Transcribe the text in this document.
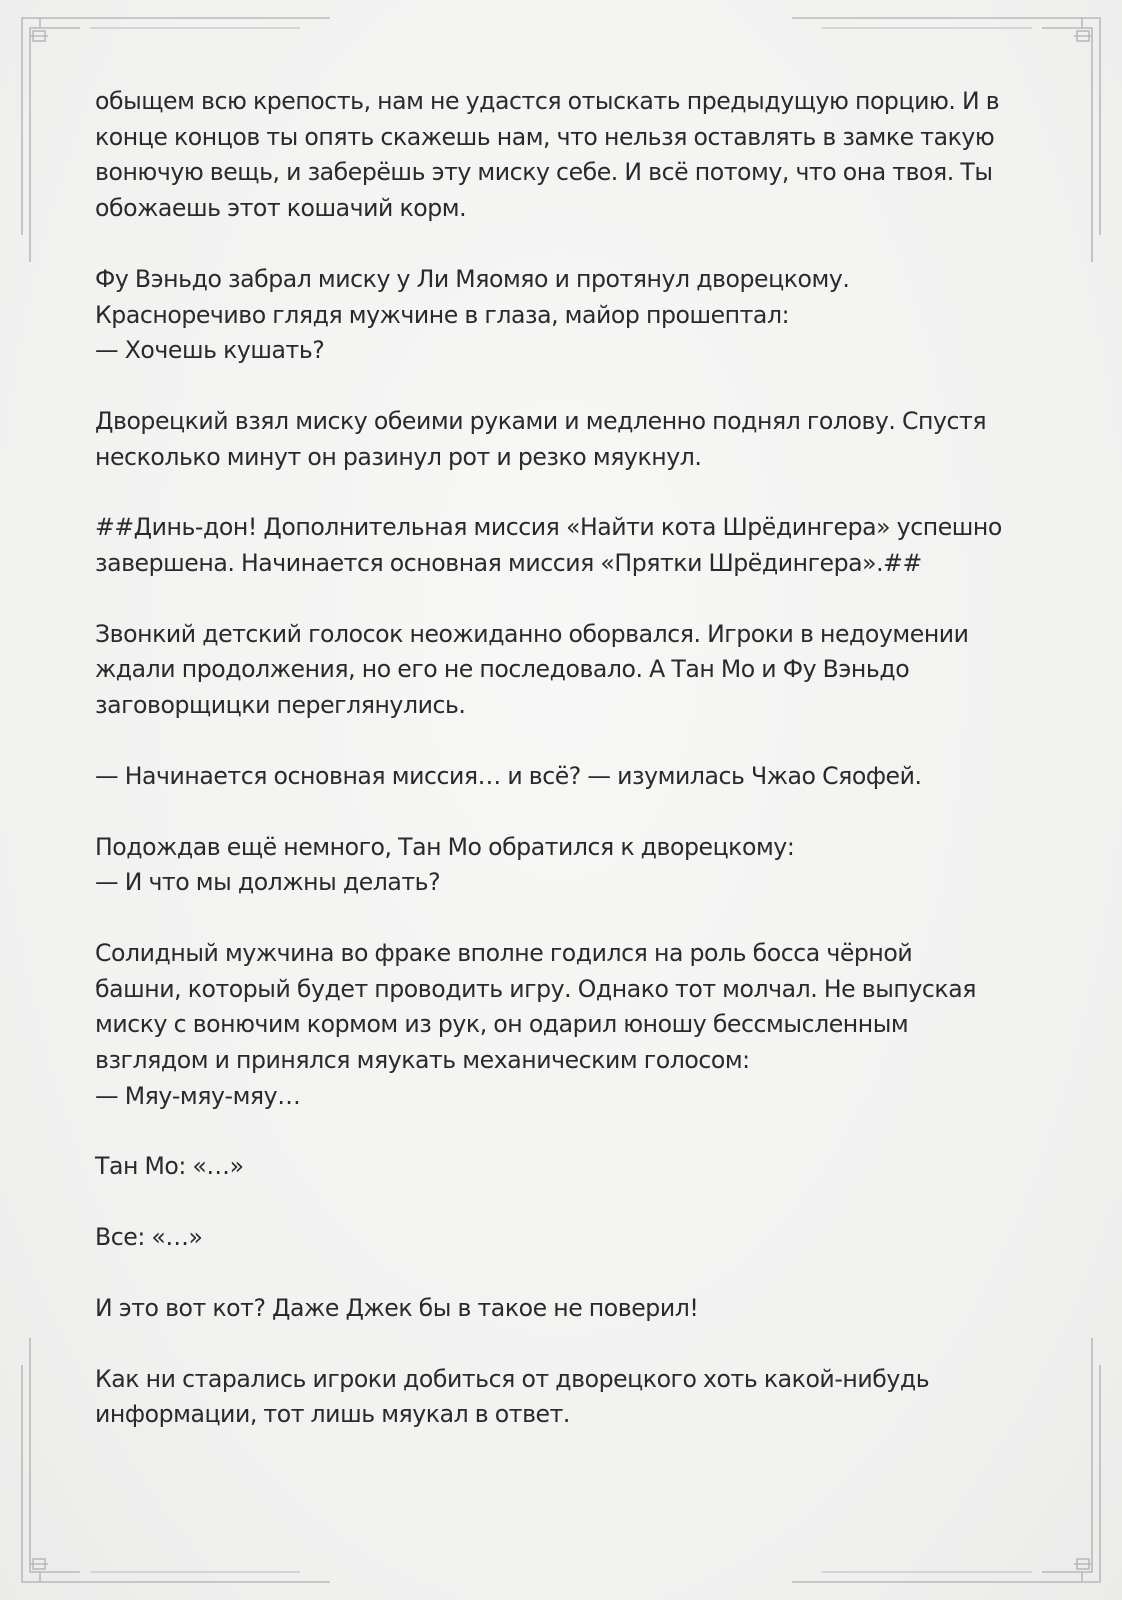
обыщем всю крепость, нам не удастся отыскать предыдущую порцию. И в
конце концов ты опять скажешь нам, что нельзя оставлять в замке такую
вонючую вещь, и заберёшь эту миску себе. И всё потому, что она твоя. Ты
обожаешь этот кошачий корм.

Фу Вэньдо забрал миску у Ли Мяомяо и протянул дворецкому.
Красноречиво глядя мужчине в глаза, майор прошептал:
— Хочешь кушать?

Дворецкий взял миску обеими руками и медленно поднял голову. Спустя
несколько минут он разинул рот и резко мяукнул.

##Динь-дон! Дополнительная миссия «Найти кота Шрёдингера» успешно
завершена. Начинается основная миссия «Прятки Шрёдингера».##

Звонкий детский голосок неожиданно оборвался. Игроки в недоумении
ждали продолжения, но его не последовало. А Тан Мо и Фу Вэньдо
заговорщицки переглянулись.

— Начинается основная миссия… и всё? — изумилась Чжао Сяофей.

Подождав ещё немного, Тан Мо обратился к дворецкому:
— И что мы должны делать?

Солидный мужчина во фраке вполне годился на роль босса чёрной
башни, который будет проводить игру. Однако тот молчал. Не выпуская
миску с вонючим кормом из рук, он одарил юношу бессмысленным
взглядом и принялся мяукать механическим голосом:
— Мяу-мяу-мяу…

Тан Мо: «…»

Все: «…»

И это вот кот? Даже Джек бы в такое не поверил!

Как ни старались игроки добиться от дворецкого хоть какой-нибудь
информации, тот лишь мяукал в ответ.
